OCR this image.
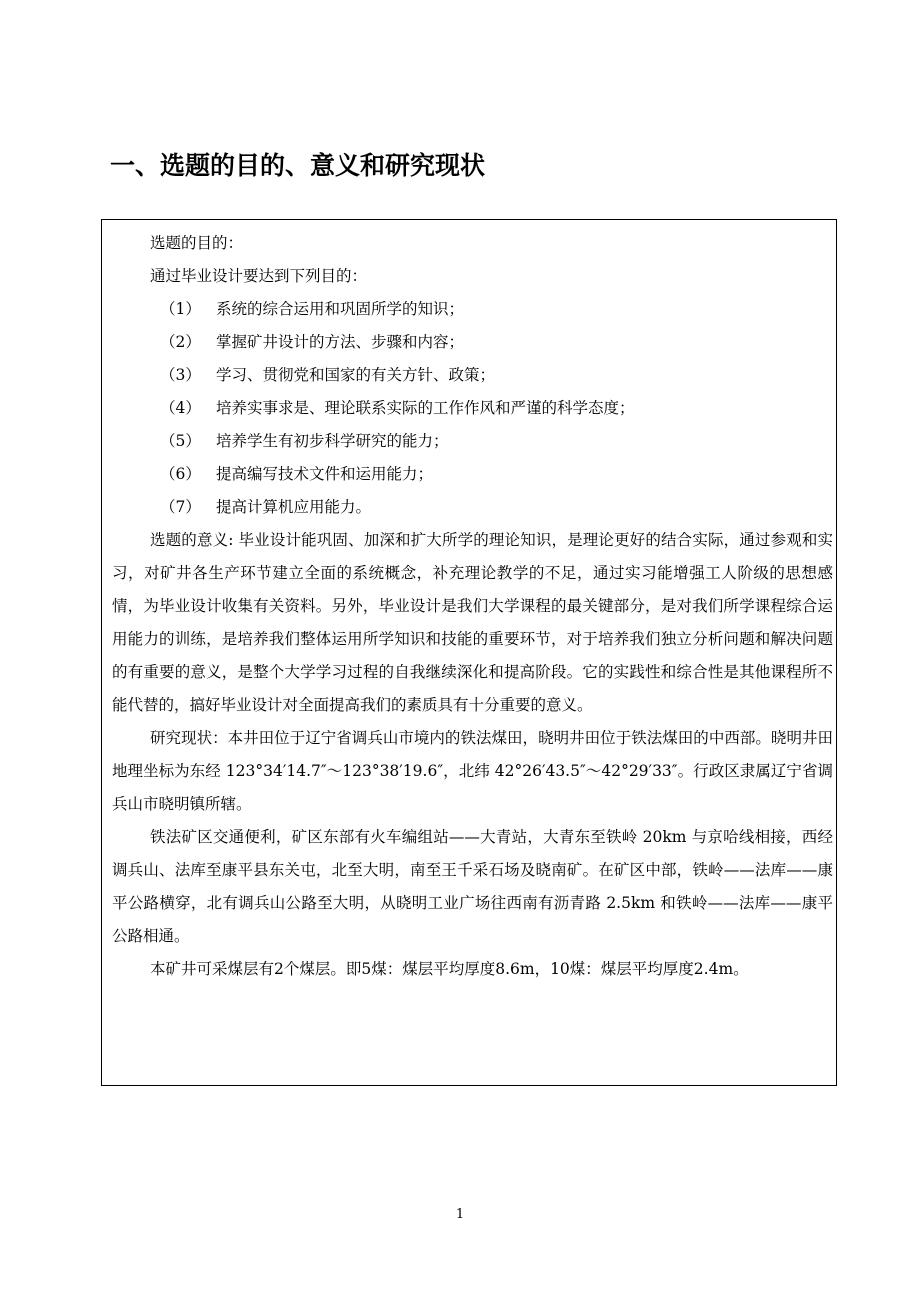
一、选题的目的、意义和研究现状
选题的目的：
通过毕业设计要达到下列目的：
（1） 系统的综合运用和巩固所学的知识；
（2） 掌握矿井设计的方法、步骤和内容；
（3） 学习、贯彻党和国家的有关方针、政策；
（4） 培养实事求是、理论联系实际的工作作风和严谨的科学态度；
（5） 培养学生有初步科学研究的能力；
（6） 提高编写技术文件和运用能力；
（7） 提高计算机应用能力。

选题的意义: 毕业设计能巩固、加深和扩大所学的理论知识，是理论更好的结合实际，通过参观和实习，对矿井各生产环节建立全面的系统概念，补充理论教学的不足，通过实习能增强工人阶级的思想感情，为毕业设计收集有关资料。另外，毕业设计是我们大学课程的最关键部分，是对我们所学课程综合运用能力的训练，是培养我们整体运用所学知识和技能的重要环节，对于培养我们独立分析问题和解决问题的有重要的意义，是整个大学学习过程的自我继续深化和提高阶段。它的实践性和综合性是其他课程所不能代替的，搞好毕业设计对全面提高我们的素质具有十分重要的意义。

研究现状：本井田位于辽宁省调兵山市境内的铁法煤田，晓明井田位于铁法煤田的中西部。晓明井田地理坐标为东经 123°34′14.7″～123°38′19.6″，北纬 42°26′43.5″～42°29′33″。行政区隶属辽宁省调兵山市晓明镇所辖。

铁法矿区交通便利，矿区东部有火车编组站——大青站，大青东至铁岭 20km 与京哈线相接，西经调兵山、法库至康平县东关屯，北至大明，南至王千采石场及晓南矿。在矿区中部，铁岭——法库——康平公路横穿，北有调兵山公路至大明，从晓明工业广场往西南有沥青路 2.5km 和铁岭——法库——康平公路相通。

本矿井可采煤层有2个煤层。即5煤：煤层平均厚度8.6m，10煤：煤层平均厚度2.4m。

1
